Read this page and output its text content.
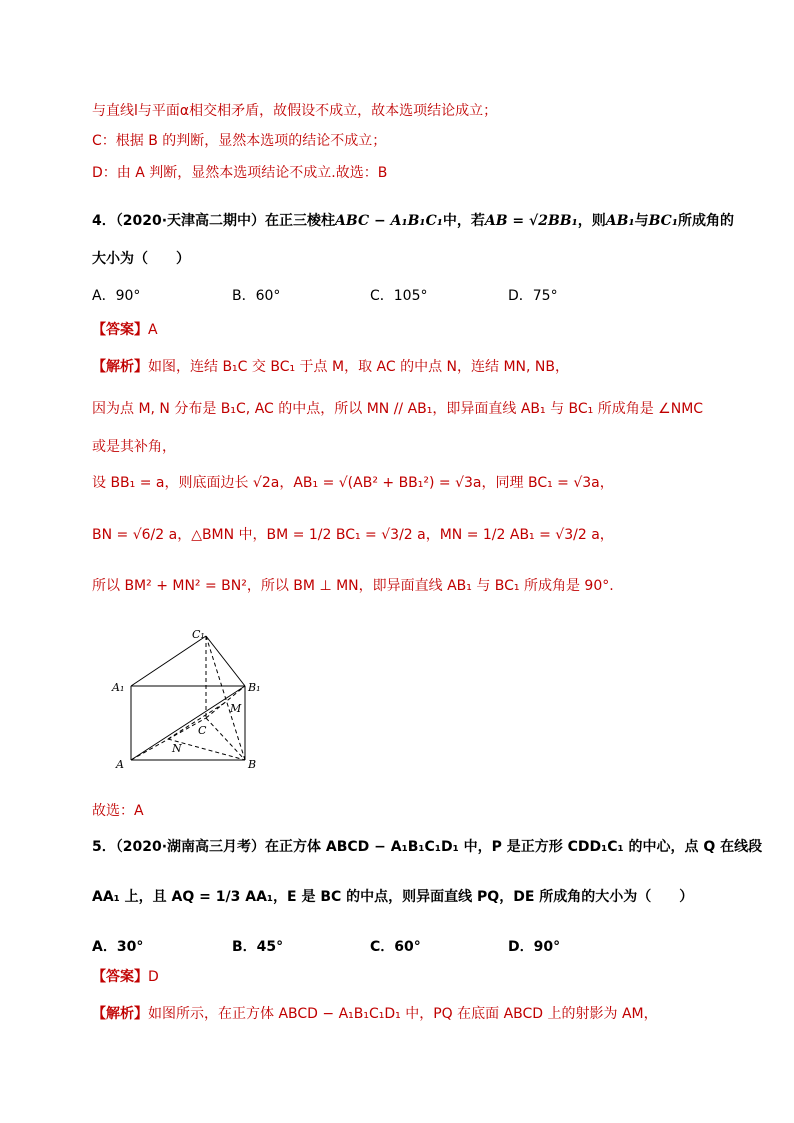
与直线l与平面α相交相矛盾，故假设不成立，故本选项结论成立；
C：根据 B 的判断，显然本选项的结论不成立；
D：由 A 判断，显然本选项结论不成立.故选：B
4．（2020·天津高二期中）在正三棱柱ABC − A₁B₁C₁中，若AB = √2BB₁，则AB₁与BC₁所成角的
大小为（　　）
A．90°	B．60°	C．105°	D．75°
【答案】A
【解析】如图，连结 B₁C 交 BC₁ 于点 M，取 AC 的中点 N，连结 MN, NB，
因为点 M, N 分布是 B₁C, AC 的中点，所以 MN // AB₁，即异面直线 AB₁ 与 BC₁ 所成角是 ∠NMC
或是其补角，
设 BB₁ = a，则底面边长 √2a，AB₁ = √(AB² + BB₁²) = √3a，同理 BC₁ = √3a，
BN = √6/2 a，△BMN 中，BM = 1/2 BC₁ = √3/2 a，MN = 1/2 AB₁ = √3/2 a，
所以 BM² + MN² = BN²，所以 BM ⊥ MN，即异面直线 AB₁ 与 BC₁ 所成角是 90°.
C₁
A₁	B₁
M
C
N
A	B
故选：A
5．（2020·湖南高三月考）在正方体 ABCD − A₁B₁C₁D₁ 中，P 是正方形 CDD₁C₁ 的中心，点 Q 在线段
AA₁ 上，且 AQ = 1/3 AA₁，E 是 BC 的中点，则异面直线 PQ，DE 所成角的大小为（　　）
A．30°	B．45°	C．60°	D．90°
【答案】D
【解析】如图所示，在正方体 ABCD − A₁B₁C₁D₁ 中，PQ 在底面 ABCD 上的射影为 AM，
